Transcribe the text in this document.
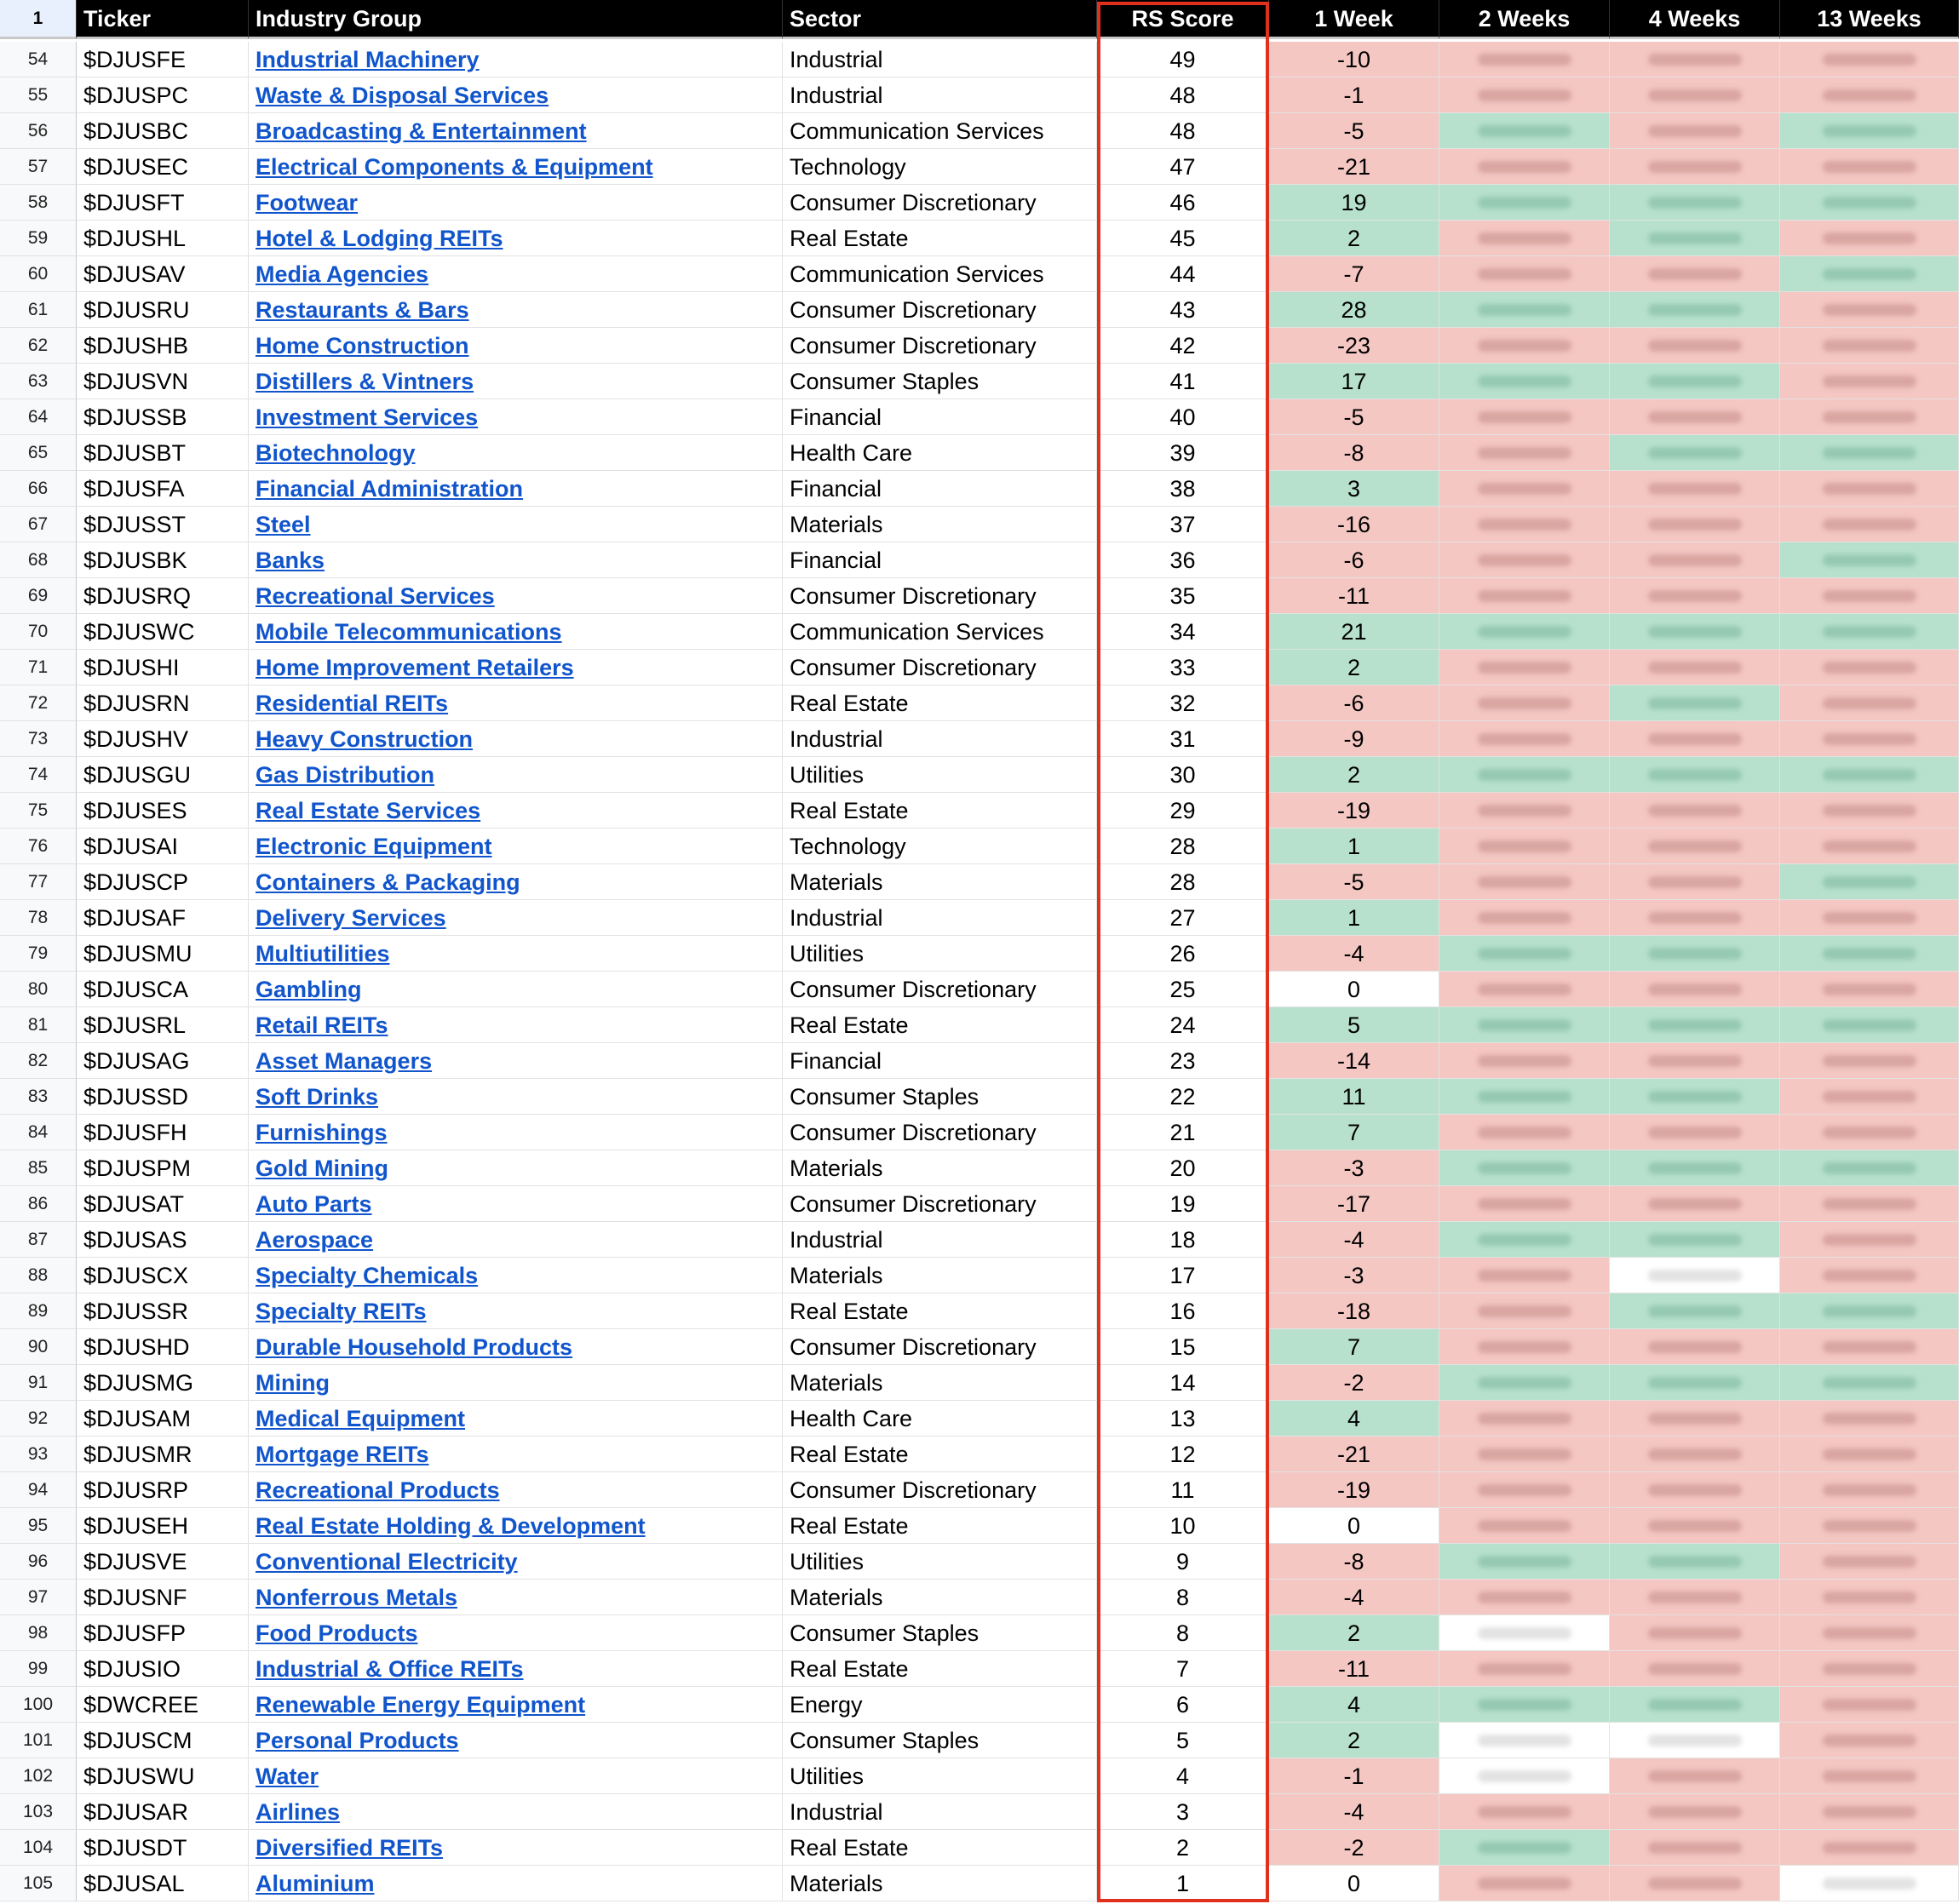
1	Ticker	Industry Group	Sector	RS Score	1 Week	2 Weeks	4 Weeks	13 Weeks
54	$DJUSFE	Industrial Machinery	Industrial	49	-10
55	$DJUSPC	Waste & Disposal Services	Industrial	48	-1
56	$DJUSBC	Broadcasting & Entertainment	Communication Services	48	-5
57	$DJUSEC	Electrical Components & Equipment	Technology	47	-21
58	$DJUSFT	Footwear	Consumer Discretionary	46	19
59	$DJUSHL	Hotel & Lodging REITs	Real Estate	45	2
60	$DJUSAV	Media Agencies	Communication Services	44	-7
61	$DJUSRU	Restaurants & Bars	Consumer Discretionary	43	28
62	$DJUSHB	Home Construction	Consumer Discretionary	42	-23
63	$DJUSVN	Distillers & Vintners	Consumer Staples	41	17
64	$DJUSSB	Investment Services	Financial	40	-5
65	$DJUSBT	Biotechnology	Health Care	39	-8
66	$DJUSFA	Financial Administration	Financial	38	3
67	$DJUSST	Steel	Materials	37	-16
68	$DJUSBK	Banks	Financial	36	-6
69	$DJUSRQ	Recreational Services	Consumer Discretionary	35	-11
70	$DJUSWC	Mobile Telecommunications	Communication Services	34	21
71	$DJUSHI	Home Improvement Retailers	Consumer Discretionary	33	2
72	$DJUSRN	Residential REITs	Real Estate	32	-6
73	$DJUSHV	Heavy Construction	Industrial	31	-9
74	$DJUSGU	Gas Distribution	Utilities	30	2
75	$DJUSES	Real Estate Services	Real Estate	29	-19
76	$DJUSAI	Electronic Equipment	Technology	28	1
77	$DJUSCP	Containers & Packaging	Materials	28	-5
78	$DJUSAF	Delivery Services	Industrial	27	1
79	$DJUSMU	Multiutilities	Utilities	26	-4
80	$DJUSCA	Gambling	Consumer Discretionary	25	0
81	$DJUSRL	Retail REITs	Real Estate	24	5
82	$DJUSAG	Asset Managers	Financial	23	-14
83	$DJUSSD	Soft Drinks	Consumer Staples	22	11
84	$DJUSFH	Furnishings	Consumer Discretionary	21	7
85	$DJUSPM	Gold Mining	Materials	20	-3
86	$DJUSAT	Auto Parts	Consumer Discretionary	19	-17
87	$DJUSAS	Aerospace	Industrial	18	-4
88	$DJUSCX	Specialty Chemicals	Materials	17	-3
89	$DJUSSR	Specialty REITs	Real Estate	16	-18
90	$DJUSHD	Durable Household Products	Consumer Discretionary	15	7
91	$DJUSMG	Mining	Materials	14	-2
92	$DJUSAM	Medical Equipment	Health Care	13	4
93	$DJUSMR	Mortgage REITs	Real Estate	12	-21
94	$DJUSRP	Recreational Products	Consumer Discretionary	11	-19
95	$DJUSEH	Real Estate Holding & Development	Real Estate	10	0
96	$DJUSVE	Conventional Electricity	Utilities	9	-8
97	$DJUSNF	Nonferrous Metals	Materials	8	-4
98	$DJUSFP	Food Products	Consumer Staples	8	2
99	$DJUSIO	Industrial & Office REITs	Real Estate	7	-11
100	$DWCREE	Renewable Energy Equipment	Energy	6	4
101	$DJUSCM	Personal Products	Consumer Staples	5	2
102	$DJUSWU	Water	Utilities	4	-1
103	$DJUSAR	Airlines	Industrial	3	-4
104	$DJUSDT	Diversified REITs	Real Estate	2	-2
105	$DJUSAL	Aluminium	Materials	1	0
